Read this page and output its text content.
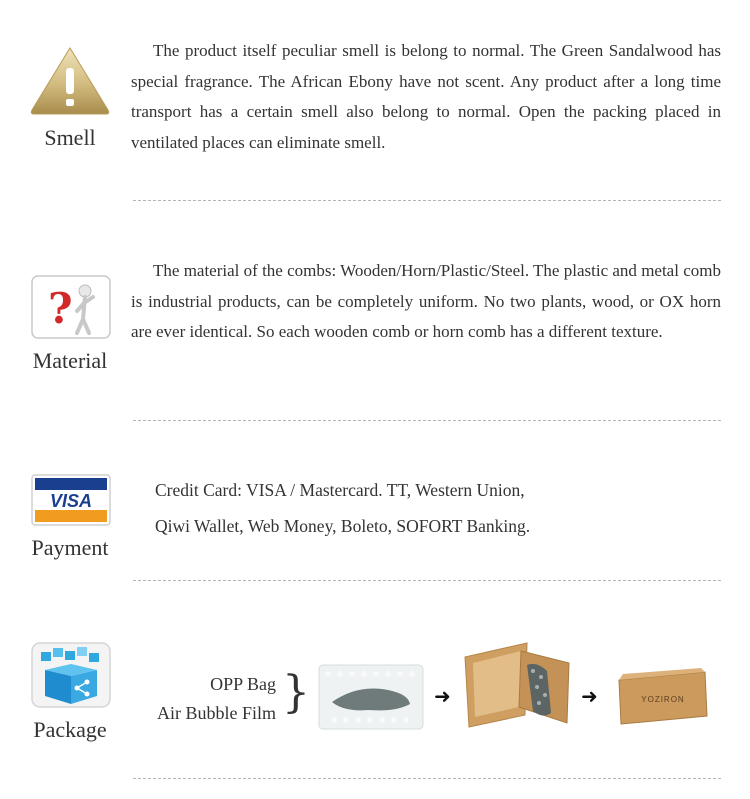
Smell
The product itself peculiar smell is belong to normal. The Green Sandalwood has special fragrance. The African Ebony have not scent. Any product after a long time transport has a certain smell also belong to normal. Open the packing placed in ventilated places can eliminate smell.
?
Material
The material of the combs: Wooden/Horn/Plastic/Steel. The plastic and metal comb is industrial products, can be completely uniform. No two plants, wood, or OX horn are ever identical. So each wooden comb or horn comb has a different texture.
VISA
Payment
Credit Card: VISA / Mastercard. TT, Western Union,
Qiwi Wallet, Web Money, Boleto, SOFORT Banking.
Package
OPP Bag
Air Bubble Film }	➜	➜	YOZIRON
